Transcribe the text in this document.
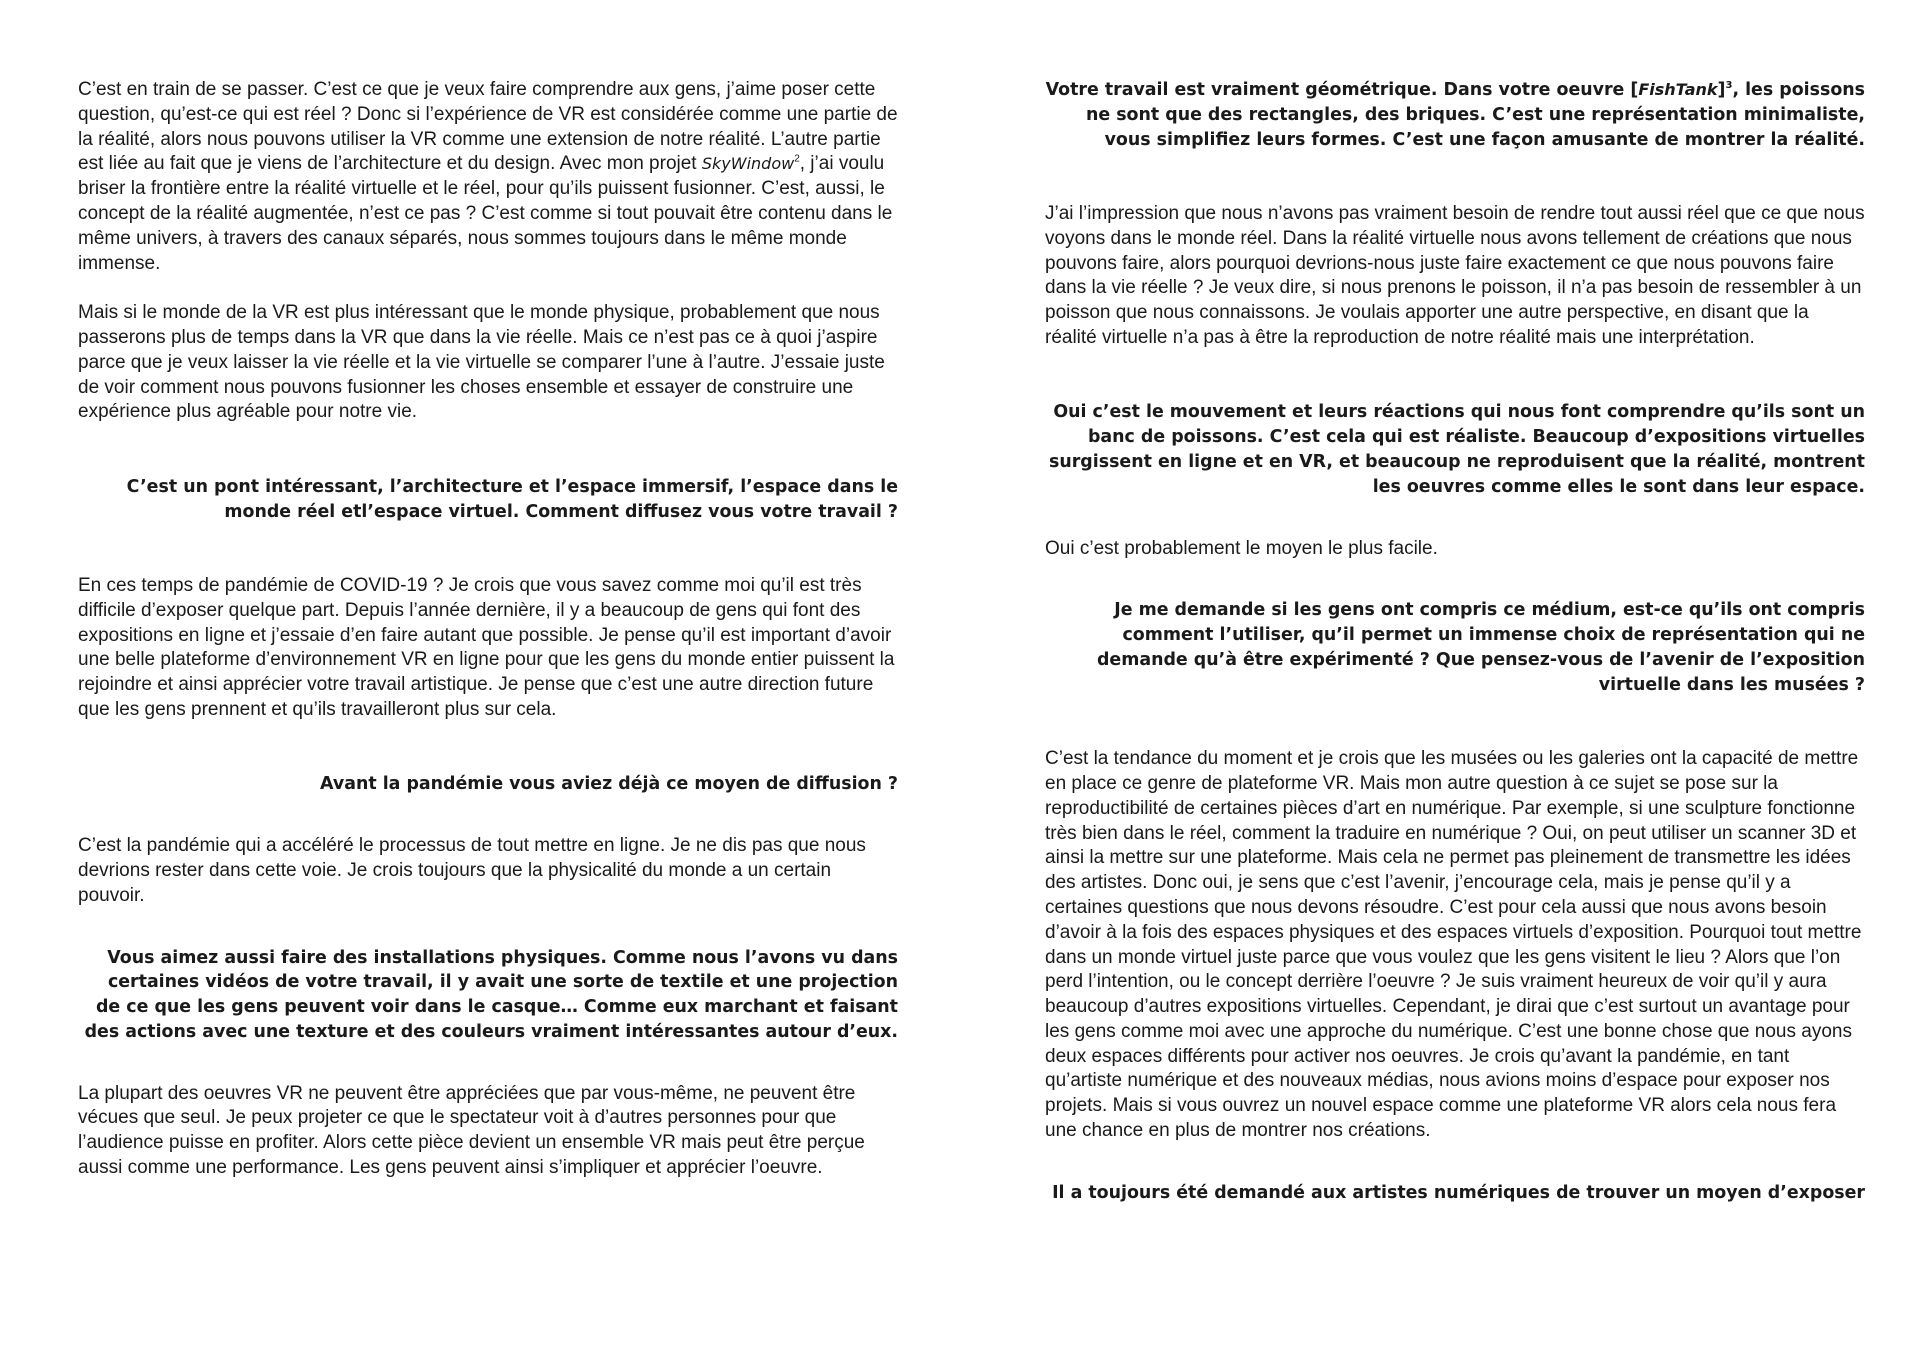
C’est en train de se passer. C’est ce que je veux faire comprendre aux gens, j’aime poser cette question, qu’est-ce qui est réel ? Donc si l’expérience de VR est considérée comme une partie de la réalité, alors nous pouvons utiliser la VR comme une extension de notre réalité. L’autre partie est liée au fait que je viens de l’architecture et du design. Avec mon projet SkyWindow$^2$, j’ai voulu briser la frontière entre la réalité virtuelle et le réel, pour qu’ils puissent fusionner. C’est, aussi, le concept de la réalité augmentée, n’est ce pas ? C’est comme si tout pouvait être contenu dans le même univers, à travers des canaux séparés, nous sommes toujours dans le même monde immense.

Mais si le monde de la VR est plus intéressant que le monde physique, probablement que nous passerons plus de temps dans la VR que dans la vie réelle. Mais ce n’est pas ce à quoi j’aspire parce que je veux laisser la vie réelle et la vie virtuelle se comparer l’une à l’autre. J’essaie juste de voir comment nous pouvons fusionner les choses ensemble et essayer de construire une expérience plus agréable pour notre vie.

C’est un pont intéressant, l’architecture et l’espace immersif, l’espace dans le monde réel etl’espace virtuel. Comment diffusez vous votre travail ?

En ces temps de pandémie de COVID-19 ? Je crois que vous savez comme moi qu’il est très difficile d’exposer quelque part. Depuis l’année dernière, il y a beaucoup de gens qui font des expositions en ligne et j’essaie d’en faire autant que possible. Je pense qu’il est important d’avoir une belle plateforme d’environnement VR en ligne pour que les gens du monde entier puissent la rejoindre et ainsi apprécier votre travail artistique. Je pense que c’est une autre direction future que les gens prennent et qu’ils travailleront plus sur cela.

Avant la pandémie vous aviez déjà ce moyen de diffusion ?

C’est la pandémie qui a accéléré le processus de tout mettre en ligne. Je ne dis pas que nous devrions rester dans cette voie. Je crois toujours que la physicalité du monde a un certain pouvoir.

Vous aimez aussi faire des installations physiques. Comme nous l’avons vu dans certaines vidéos de votre travail, il y avait une sorte de textile et une projection de ce que les gens peuvent voir dans le casque… Comme eux marchant et faisant des actions avec une texture et des couleurs vraiment intéressantes autour d’eux.

La plupart des oeuvres VR ne peuvent être appréciées que par vous-même, ne peuvent être vécues que seul. Je peux projeter ce que le spectateur voit à d’autres personnes pour que l’audience puisse en profiter. Alors cette pièce devient un ensemble VR mais peut être perçue aussi comme une performance. Les gens peuvent ainsi s’impliquer et apprécier l’oeuvre.

Votre travail est vraiment géométrique. Dans votre oeuvre [FishTank]$^3$, les poissons ne sont que des rectangles, des briques. C’est une représentation minimaliste, vous simplifiez leurs formes. C’est une façon amusante de montrer la réalité.

J’ai l’impression que nous n’avons pas vraiment besoin de rendre tout aussi réel que ce que nous voyons dans le monde réel. Dans la réalité virtuelle nous avons tellement de créations que nous pouvons faire, alors pourquoi devrions-nous juste faire exactement ce que nous pouvons faire dans la vie réelle ? Je veux dire, si nous prenons le poisson, il n’a pas besoin de ressembler à un poisson que nous connaissons. Je voulais apporter une autre perspective, en disant que la réalité virtuelle n’a pas à être la reproduction de notre réalité mais une interprétation.

Oui c’est le mouvement et leurs réactions qui nous font comprendre qu’ils sont un banc de poissons. C’est cela qui est réaliste. Beaucoup d’expositions virtuelles surgissent en ligne et en VR, et beaucoup ne reproduisent que la réalité, montrent les oeuvres comme elles le sont dans leur espace.

Oui c’est probablement le moyen le plus facile.

Je me demande si les gens ont compris ce médium, est-ce qu’ils ont compris comment l’utiliser, qu’il permet un immense choix de représentation qui ne demande qu’à être expérimenté ? Que pensez-vous de l’avenir de l’exposition virtuelle dans les musées ?

C’est la tendance du moment et je crois que les musées ou les galeries ont la capacité de mettre en place ce genre de plateforme VR. Mais mon autre question à ce sujet se pose sur la reproductibilité de certaines pièces d’art en numérique. Par exemple, si une sculpture fonctionne très bien dans le réel, comment la traduire en numérique ? Oui, on peut utiliser un scanner 3D et ainsi la mettre sur une plateforme. Mais cela ne permet pas pleinement de transmettre les idées des artistes. Donc oui, je sens que c’est l’avenir, j’encourage cela, mais je pense qu’il y a certaines questions que nous devons résoudre. C’est pour cela aussi que nous avons besoin d’avoir à la fois des espaces physiques et des espaces virtuels d’exposition. Pourquoi tout mettre dans un monde virtuel juste parce que vous voulez que les gens visitent le lieu ? Alors que l’on perd l’intention, ou le concept derrière l’oeuvre ? Je suis vraiment heureux de voir qu’il y aura beaucoup d’autres expositions virtuelles. Cependant, je dirai que c’est surtout un avantage pour les gens comme moi avec une approche du numérique. C’est une bonne chose que nous ayons deux espaces différents pour activer nos oeuvres. Je crois qu’avant la pandémie, en tant qu’artiste numérique et des nouveaux médias, nous avions moins d’espace pour exposer nos projets. Mais si vous ouvrez un nouvel espace comme une plateforme VR alors cela nous fera une chance en plus de montrer nos créations.

Il a toujours été demandé aux artistes numériques de trouver un moyen d’exposer
